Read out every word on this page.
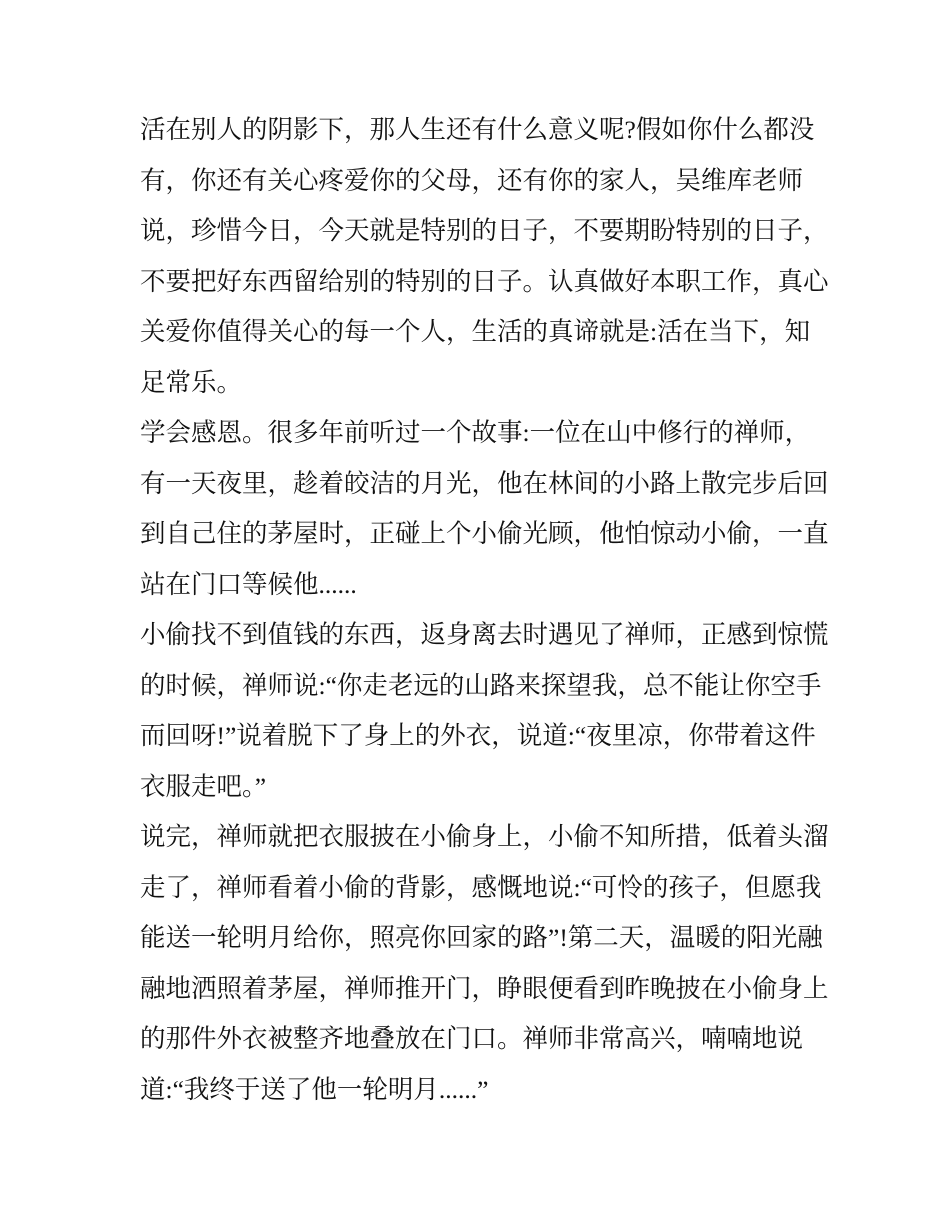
活在别人的阴影下，那人生还有什么意义呢?假如你什么都没
有，你还有关心疼爱你的父母，还有你的家人，吴维库老师
说，珍惜今日，今天就是特别的日子，不要期盼特别的日子，
不要把好东西留给别的特别的日子。认真做好本职工作，真心
关爱你值得关心的每一个人，生活的真谛就是:活在当下，知
足常乐。
学会感恩。很多年前听过一个故事:一位在山中修行的禅师，
有一天夜里，趁着皎洁的月光，他在林间的小路上散完步后回
到自己住的茅屋时，正碰上个小偷光顾，他怕惊动小偷，一直
站在门口等候他......
小偷找不到值钱的东西，返身离去时遇见了禅师，正感到惊慌
的时候，禅师说:“你走老远的山路来探望我，总不能让你空手
而回呀!”说着脱下了身上的外衣，说道:“夜里凉，你带着这件
衣服走吧。”
说完，禅师就把衣服披在小偷身上，小偷不知所措，低着头溜
走了，禅师看着小偷的背影，感慨地说:“可怜的孩子，但愿我
能送一轮明月给你，照亮你回家的路”!第二天，温暖的阳光融
融地洒照着茅屋，禅师推开门，睁眼便看到昨晚披在小偷身上
的那件外衣被整齐地叠放在门口。禅师非常高兴，喃喃地说
道:“我终于送了他一轮明月......”
